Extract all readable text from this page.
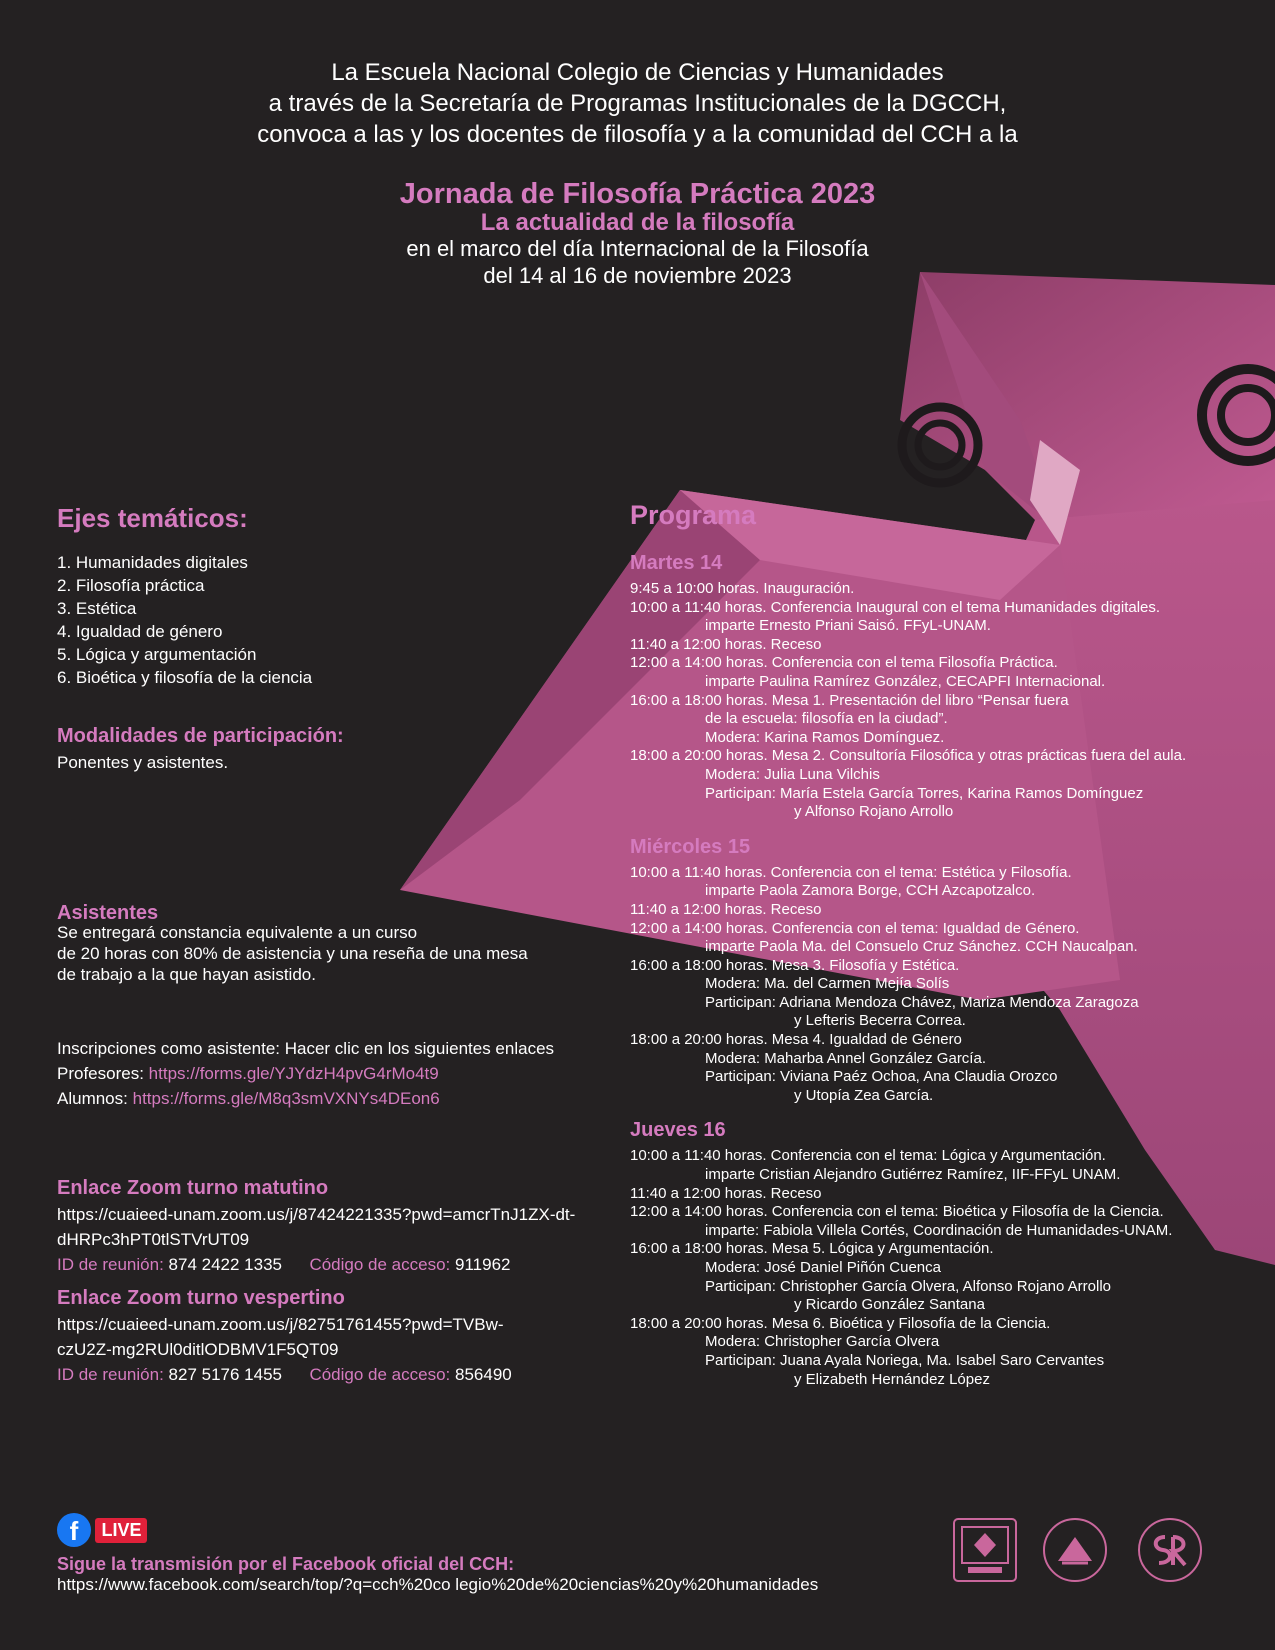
La Escuela Nacional Colegio de Ciencias y Humanidades
a través de la Secretaría de Programas Institucionales de la DGCCH,
convoca a las y los docentes de filosofía y a la comunidad del CCH a la
Jornada de Filosofía Práctica 2023
La actualidad de la filosofía
en el marco del día Internacional de la Filosofía
del 14 al 16 de noviembre 2023
Ejes temáticos:
1. Humanidades digitales
2. Filosofía práctica
3. Estética
4. Igualdad de género
5. Lógica y argumentación
6. Bioética y filosofía de la ciencia
Modalidades de participación:
Ponentes y asistentes.
Asistentes
Se entregará constancia equivalente a un curso
de 20 horas con 80% de asistencia y una reseña de una mesa
de trabajo a la que hayan asistido.
Inscripciones como asistente: Hacer clic en los siguientes enlaces
Profesores: https://forms.gle/YJYdzH4pvG4rMo4t9
Alumnos: https://forms.gle/M8q3smVXNYs4DEon6
Enlace Zoom turno matutino
https://cuaieed-unam.zoom.us/j/87424221335?pwd=amcrTnJ1ZX-dt-
dHRPc3hPT0tlSTVrUT09
ID de reunión: 874 2422 1335 Código de acceso: 911962
Enlace Zoom turno vespertino
https://cuaieed-unam.zoom.us/j/82751761455?pwd=TVBw-
czU2Z-mg2RUl0ditlODBMV1F5QT09
ID de reunión: 827 5176 1455 Código de acceso: 856490
Programa
Martes 14
9:45 a 10:00 horas. Inauguración.
10:00 a 11:40 horas. Conferencia Inaugural con el tema Humanidades digitales.
imparte Ernesto Priani Saisó. FFyL-UNAM.
11:40 a 12:00 horas. Receso
12:00 a 14:00 horas. Conferencia con el tema Filosofía Práctica.
imparte Paulina Ramírez González, CECAPFI Internacional.
16:00 a 18:00 horas. Mesa 1. Presentación del libro “Pensar fuera
de la escuela: filosofía en la ciudad”.
Modera: Karina Ramos Domínguez.
18:00 a 20:00 horas. Mesa 2. Consultoría Filosófica y otras prácticas fuera del aula.
Modera: Julia Luna Vilchis
Participan: María Estela García Torres, Karina Ramos Domínguez
y Alfonso Rojano Arrollo
Miércoles 15
10:00 a 11:40 horas. Conferencia con el tema: Estética y Filosofía.
imparte Paola Zamora Borge, CCH Azcapotzalco.
11:40 a 12:00 horas. Receso
12:00 a 14:00 horas. Conferencia con el tema: Igualdad de Género.
imparte Paola Ma. del Consuelo Cruz Sánchez. CCH Naucalpan.
16:00 a 18:00 horas. Mesa 3. Filosofía y Estética.
Modera: Ma. del Carmen Mejía Solís
Participan: Adriana Mendoza Chávez, Mariza Mendoza Zaragoza
y Lefteris Becerra Correa.
18:00 a 20:00 horas. Mesa 4. Igualdad de Género
Modera: Maharba Annel González García.
Participan: Viviana Paéz Ochoa, Ana Claudia Orozco
y Utopía Zea García.
Jueves 16
10:00 a 11:40 horas. Conferencia con el tema: Lógica y Argumentación.
imparte Cristian Alejandro Gutiérrez Ramírez, IIF-FFyL UNAM.
11:40 a 12:00 horas. Receso
12:00 a 14:00 horas. Conferencia con el tema: Bioética y Filosofía de la Ciencia.
imparte: Fabiola Villela Cortés, Coordinación de Humanidades-UNAM.
16:00 a 18:00 horas. Mesa 5. Lógica y Argumentación.
Modera: José Daniel Piñón Cuenca
Participan: Christopher García Olvera, Alfonso Rojano Arrollo
y Ricardo González Santana
18:00 a 20:00 horas. Mesa 6. Bioética y Filosofía de la Ciencia.
Modera: Christopher García Olvera
Participan: Juana Ayala Noriega, Ma. Isabel Saro Cervantes
y Elizabeth Hernández López
f LIVE
Sigue la transmisión por el Facebook oficial del CCH:
https://www.facebook.com/search/top/?q=cch%20co legio%20de%20ciencias%20y%20humanidades
